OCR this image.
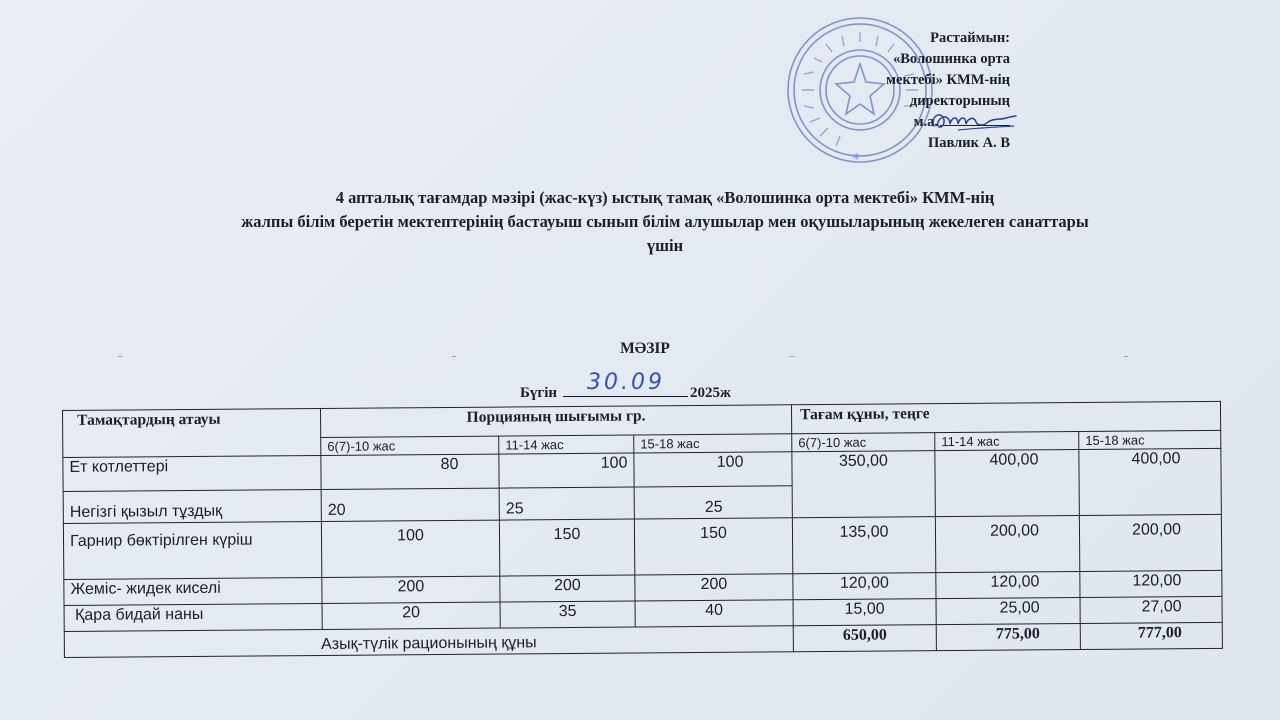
✳
Растаймын:
«Волошинка орта
мектебі» КММ-нің
директорының
м.а.
Павлик А. В
4 апталық тағамдар мәзірі (жас-күз) ыстық тамақ «Волошинка орта мектебі» КММ-нің
жалпы білім беретін мектептерінің бастауыш сынып білім алушылар мен оқушыларының жекелеген санаттары
үшін
¨	¨	¨	¨
МӘЗІР
Бүгін 30.09 2025ж
Тамақтардың атауы	Порцияның шығымы гр.			Тағам құны, теңге		
	6(7)-10 жас	11-14 жас	15-18 жас	6(7)-10 жас	11-14 жас	15-18 жас
Ет котлеттері	80	100	100	350,00	400,00	400,00
Негізгі қызыл тұздық	20	25	25			
Гарнир бөктірілген күріш	100	150	150	135,00	200,00	200,00
Жеміс- жидек киселі	200	200	200	120,00	120,00	120,00
Қара бидай наны	20	35	40	15,00	25,00	27,00
Азық-түлік рационының құны				650,00	775,00	777,00
